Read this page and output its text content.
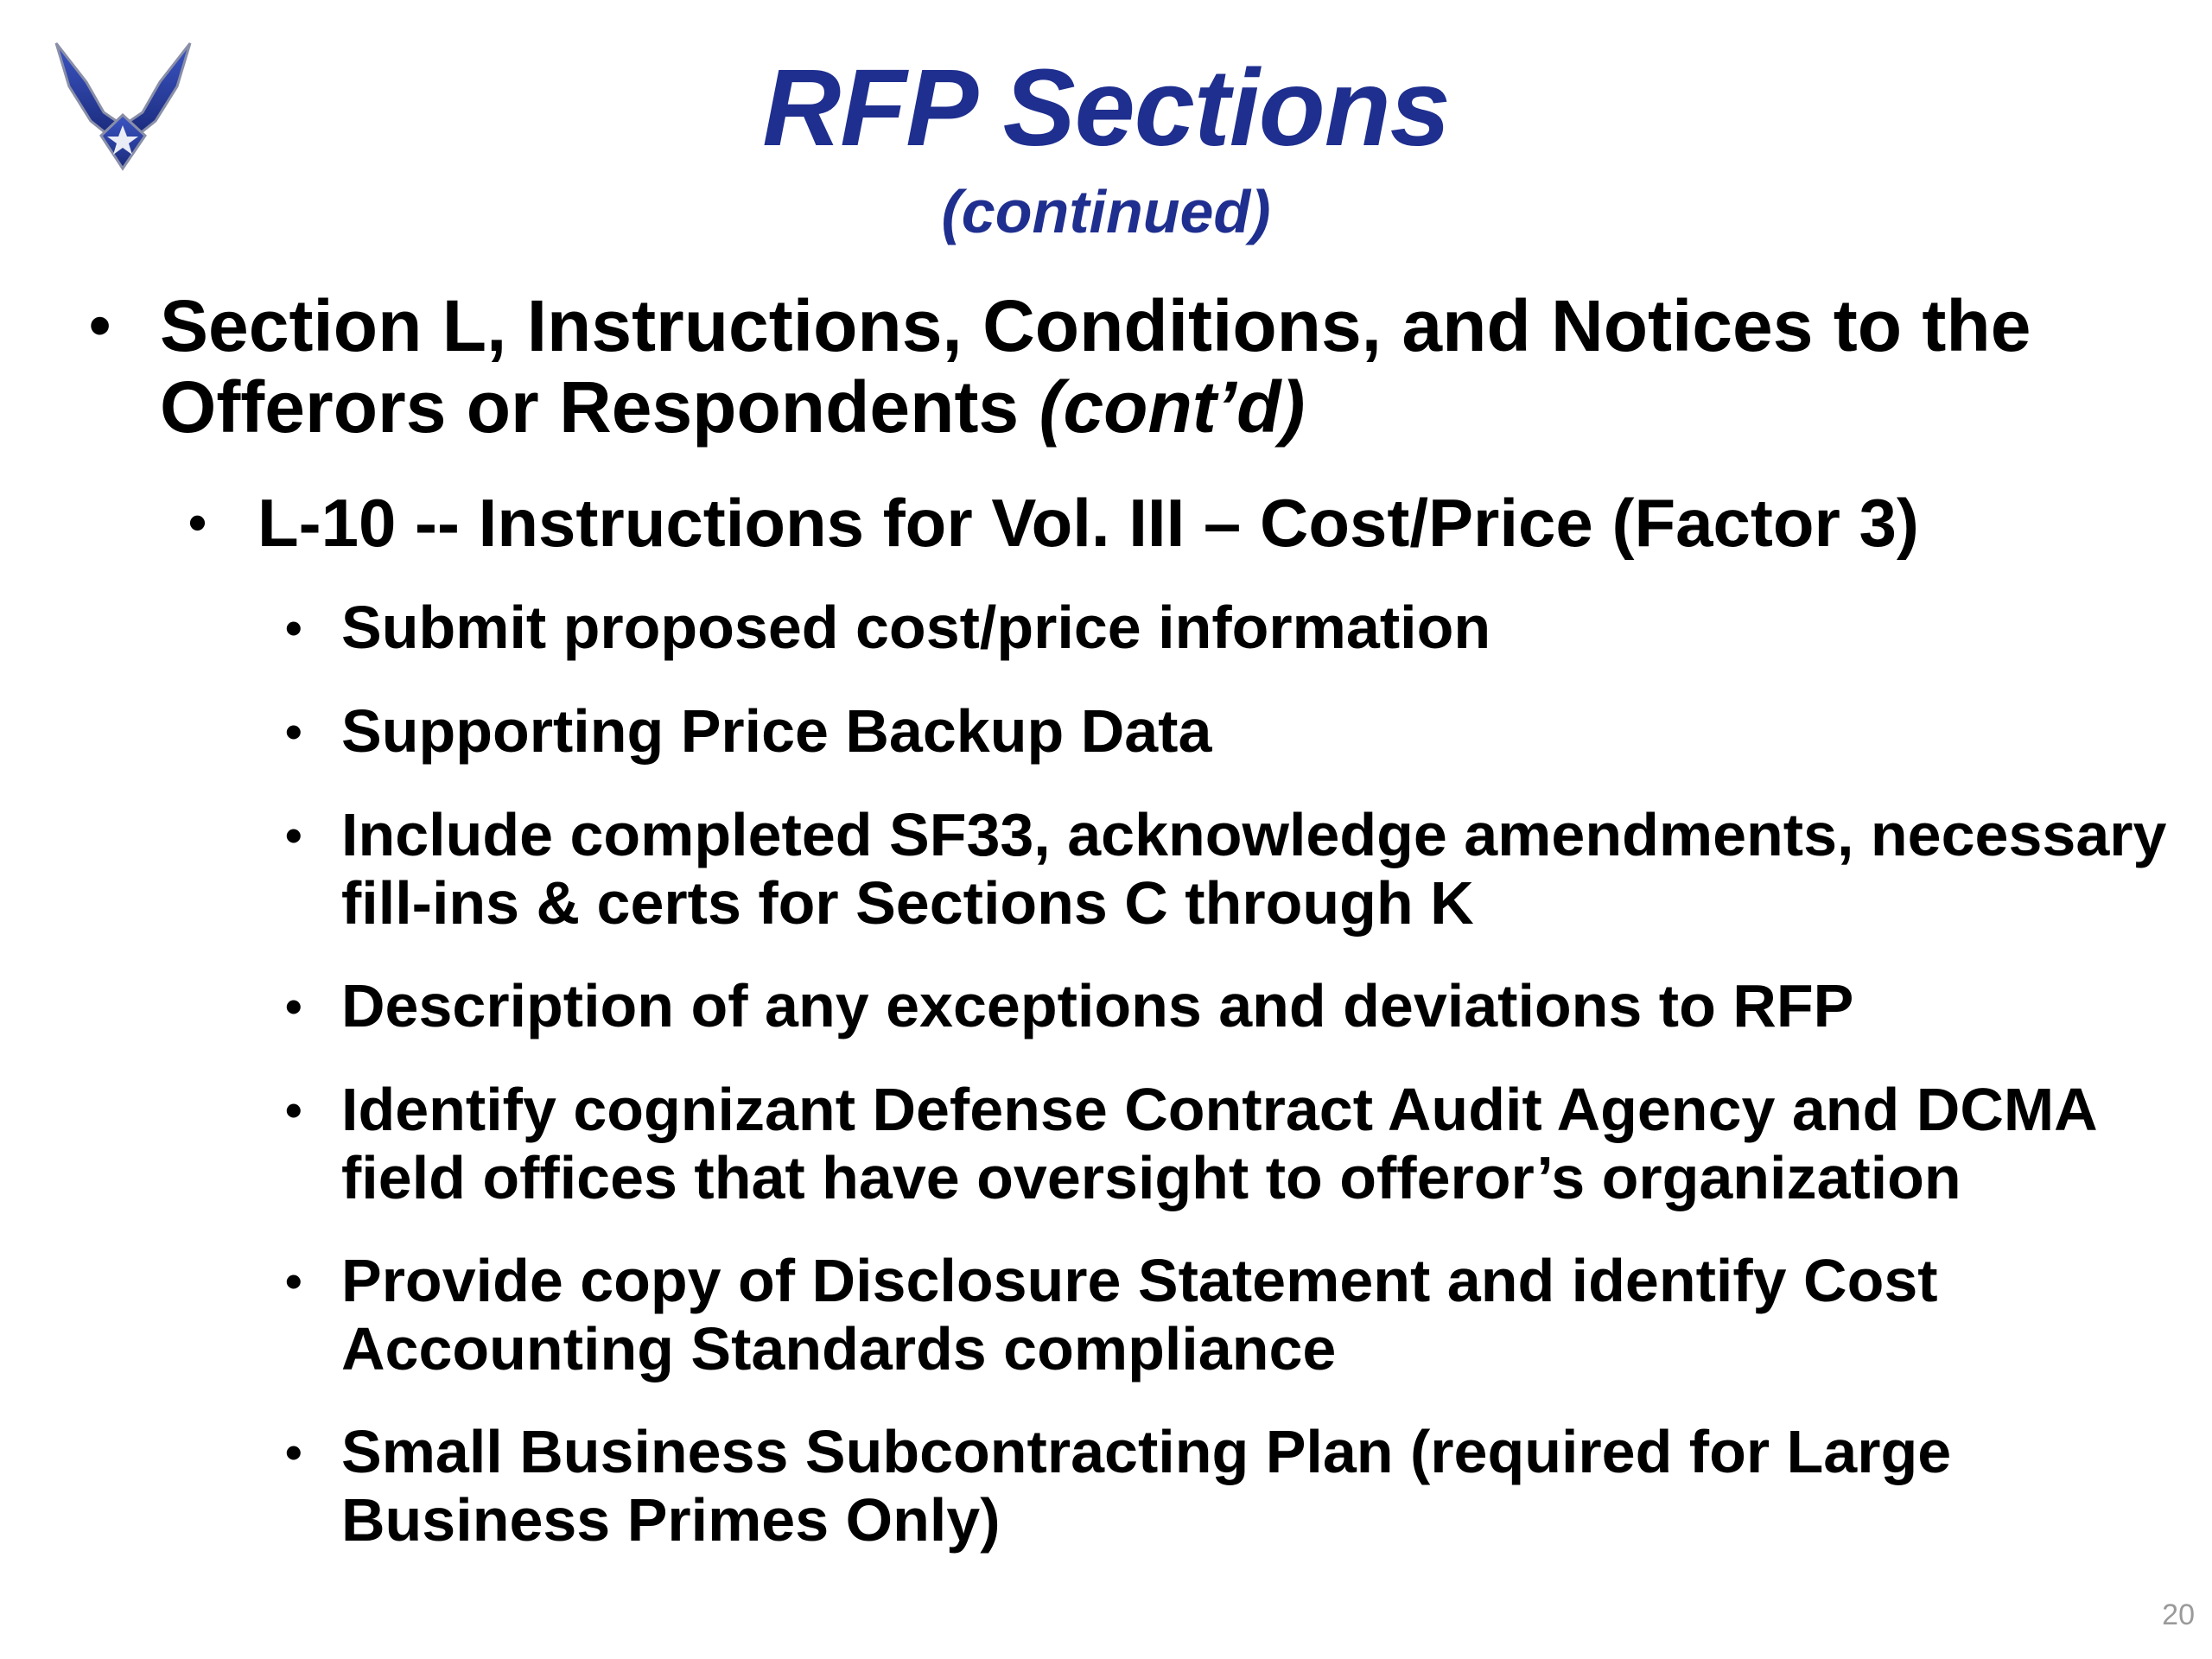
RFP Sections
(continued)
• Section L, Instructions, Conditions, and Notices to the Offerors or Respondents (cont’d)
• L-10 -- Instructions for Vol. III – Cost/Price (Factor 3)
• Submit proposed cost/price information
• Supporting Price Backup Data
• Include completed SF33, acknowledge amendments, necessary fill-ins & certs for Sections C through K
• Description of any exceptions and deviations to RFP
• Identify cognizant Defense Contract Audit Agency and DCMA field offices that have oversight to offeror’s organization
• Provide copy of Disclosure Statement and identify Cost Accounting Standards compliance
• Small Business Subcontracting Plan (required for Large Business Primes Only)
20
